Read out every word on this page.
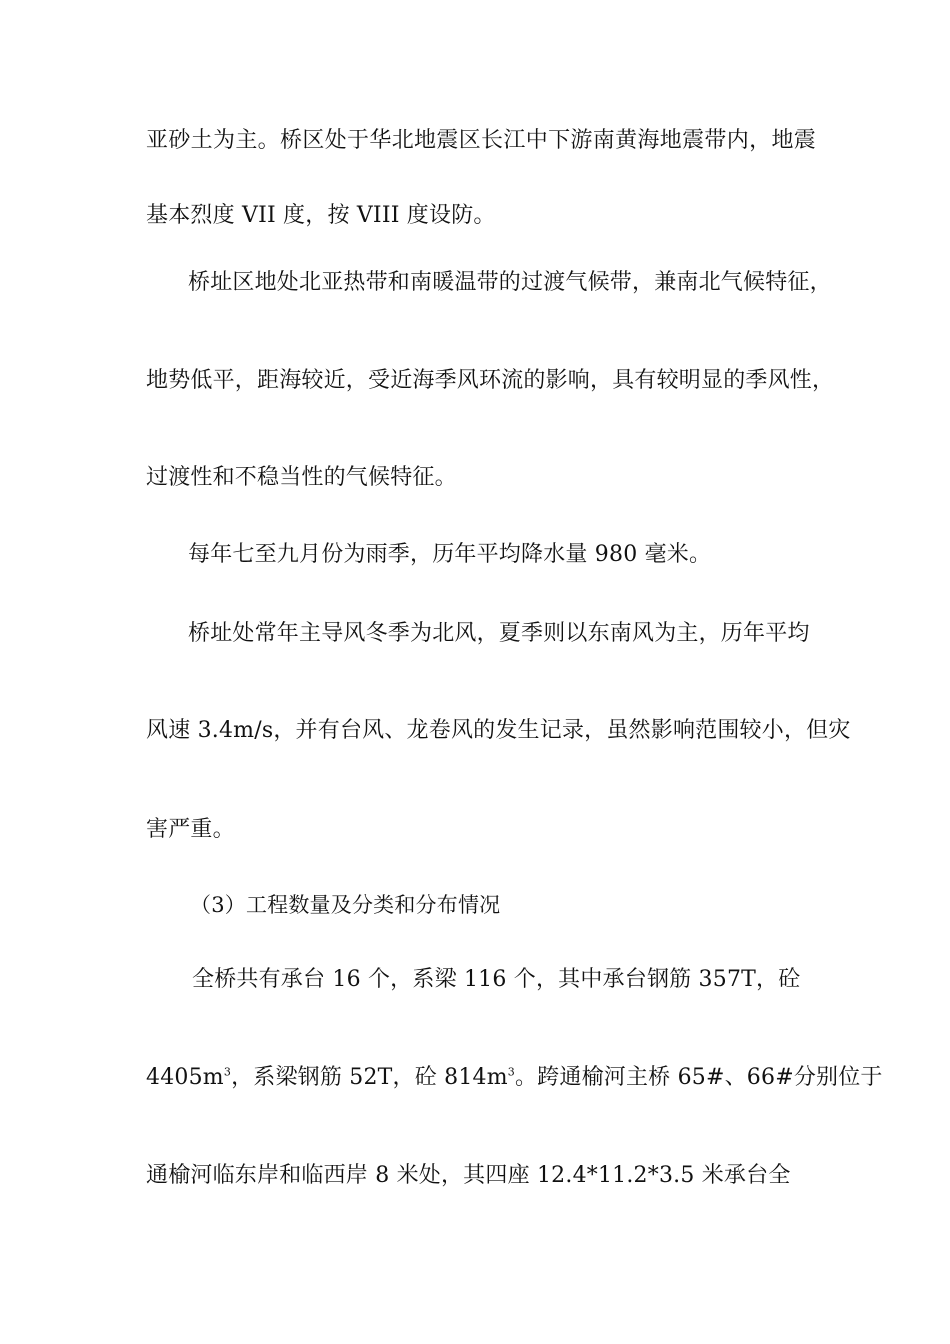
亚砂土为主。桥区处于华北地震区长江中下游南黄海地震带内，地震
基本烈度 VII 度，按 VIII 度设防。
桥址区地处北亚热带和南暖温带的过渡气候带，兼南北气候特征，
地势低平，距海较近，受近海季风环流的影响，具有较明显的季风性，
过渡性和不稳当性的气候特征。
每年七至九月份为雨季，历年平均降水量 980 毫米。
桥址处常年主导风冬季为北风，夏季则以东南风为主，历年平均
风速 3.4m/s，并有台风、龙卷风的发生记录，虽然影响范围较小，但灾
害严重。
（3）工程数量及分类和分布情况
全桥共有承台 16 个，系梁 116 个，其中承台钢筋 357T，砼
$4405m^3$，系梁钢筋 52T，砼 $814m^3$。跨通榆河主桥 65#、66#分别位于
通榆河临东岸和临西岸 8 米处，其四座 12.4*11.2*3.5 米承台全
